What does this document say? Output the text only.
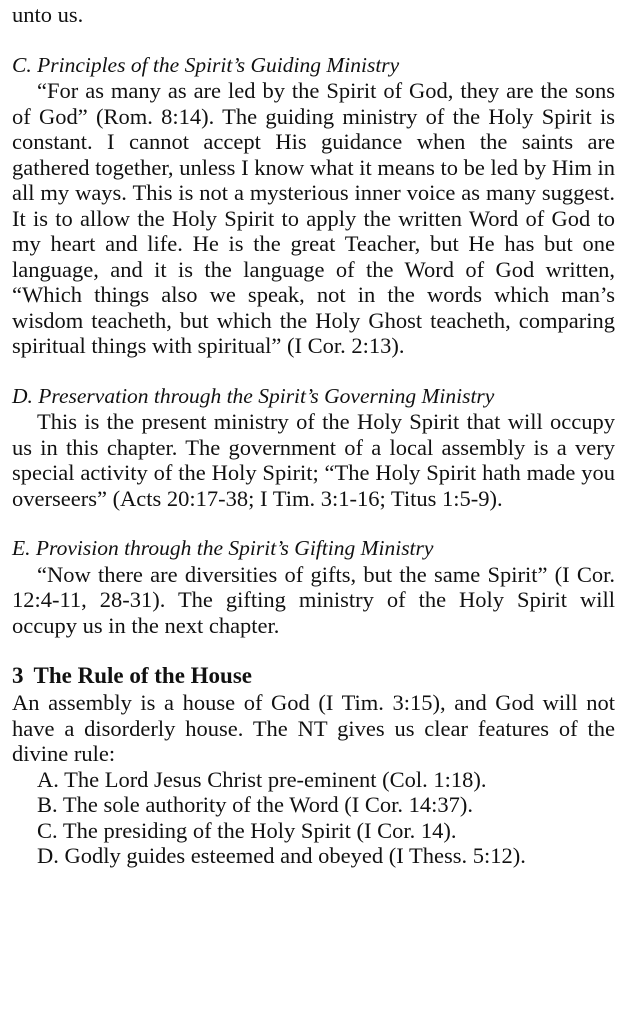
unto us.

C. Principles of the Spirit’s Guiding Ministry

“For as many as are led by the Spirit of God, they are the sons of God” (Rom. 8:14). The guiding ministry of the Holy Spirit is constant. I cannot accept His guidance when the saints are gathered together, unless I know what it means to be led by Him in all my ways. This is not a mysterious inner voice as many suggest. It is to allow the Holy Spirit to apply the written Word of God to my heart and life. He is the great Teacher, but He has but one language, and it is the language of the Word of God written, “Which things also we speak, not in the words which man’s wisdom teacheth, but which the Holy Ghost teacheth, comparing spiritual things with spiritual” (I Cor. 2:13).

D. Preservation through the Spirit’s Governing Ministry

This is the present ministry of the Holy Spirit that will occupy us in this chapter. The government of a local assembly is a very special activity of the Holy Spirit; “The Holy Spirit hath made you overseers” (Acts 20:17-38; I Tim. 3:1-16; Titus 1:5-9).

E. Provision through the Spirit’s Gifting Ministry

“Now there are diversities of gifts, but the same Spirit” (I Cor. 12:4-11, 28-31). The gifting ministry of the Holy Spirit will occupy us in the next chapter.

3 The Rule of the House

An assembly is a house of God (I Tim. 3:15), and God will not have a disorderly house. The NT gives us clear features of the divine rule:

A. The Lord Jesus Christ pre-eminent (Col. 1:18).
B. The sole authority of the Word (I Cor. 14:37).
C. The presiding of the Holy Spirit (I Cor. 14).
D. Godly guides esteemed and obeyed (I Thess. 5:12).
